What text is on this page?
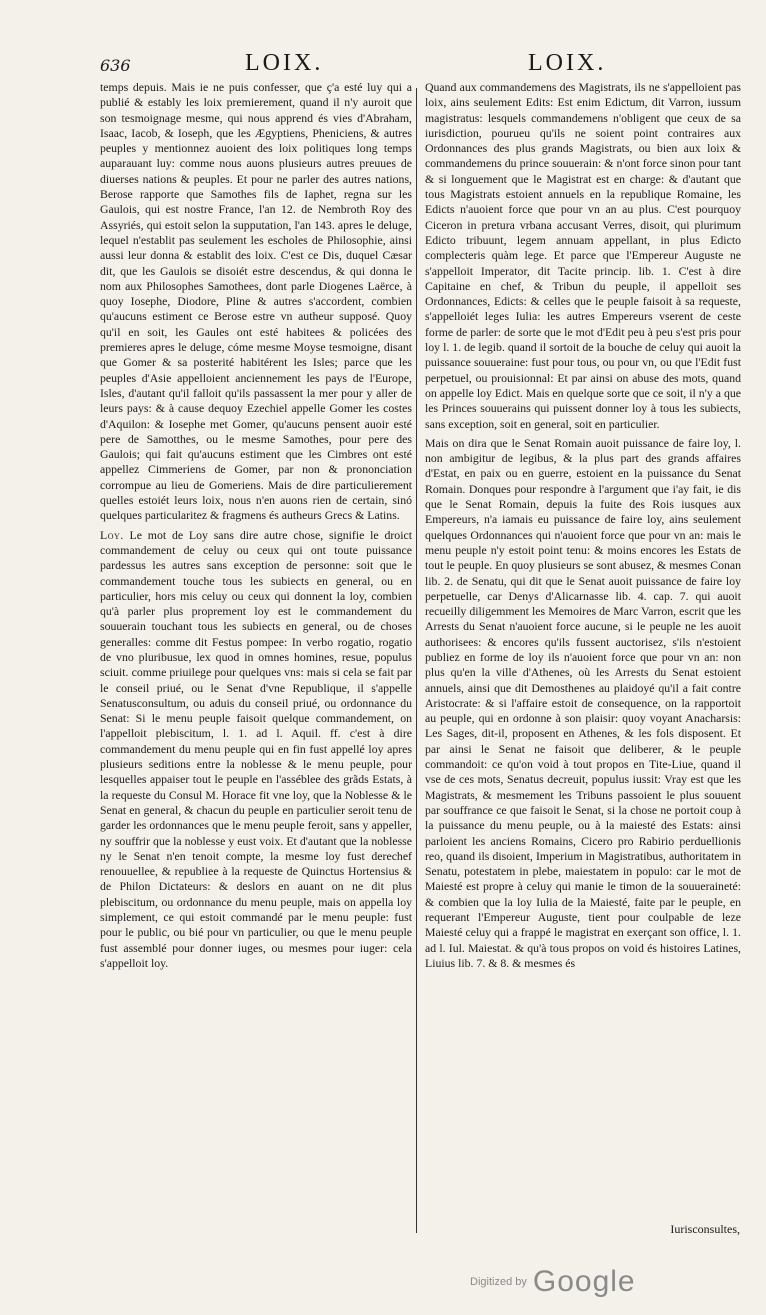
636	LOIX.	LOIX.

temps depuis. Mais ie ne puis confesser, que ç'a esté luy qui a publié & estably les loix premierement, quand il n'y auroit que son tesmoignage mesme, qui nous apprend és vies d'Abraham, Isaac, Iacob, & Ioseph, que les Ægyptiens, Pheniciens, & autres peuples y mentionnez auoient des loix politiques long temps auparauant luy: comme nous auons plusieurs autres preuues de diuerses nations & peuples. Et pour ne parler des autres nations, Berose rapporte que Samothes fils de Iaphet, regna sur les Gaulois, qui est nostre France, l'an 12. de Nembroth Roy des Assyriés, qui estoit selon la supputation, l'an 143. apres le deluge, lequel n'establit pas seulement les escholes de Philosophie, ainsi aussi leur donna & establit des loix. C'est ce Dis, duquel Cæsar dit, que les Gaulois se disoiét estre descendus, & qui donna le nom aux Philosophes Samothees, dont parle Diogenes Laërce, à quoy Iosephe, Diodore, Pline & autres s'accordent, combien qu'aucuns estiment ce Berose estre vn autheur supposé. Quoy qu'il en soit, les Gaules ont esté habitees & policées des premieres apres le deluge, cóme mesme Moyse tesmoigne, disant que Gomer & sa posterité habitérent les Isles; parce que les peuples d'Asie appelloient anciennement les pays de l'Europe, Isles, d'autant qu'il falloit qu'ils passassent la mer pour y aller de leurs pays: & à cause dequoy Ezechiel appelle Gomer les costes d'Aquilon: & Iosephe met Gomer, qu'aucuns pensent auoir esté pere de Samotthes, ou le mesme Samothes, pour pere des Gaulois; qui fait qu'aucuns estiment que les Cimbres ont esté appellez Cimmeriens de Gomer, par non & prononciation corrompue au lieu de Gomeriens. Mais de dire particulierement quelles estoiét leurs loix, nous n'en auons rien de certain, sinó quelques particularitez & fragmens és autheurs Grecs & Latins.

Loy. Le mot de Loy sans dire autre chose, signifie le droict commandement de celuy ou ceux qui ont toute puissance pardessus les autres sans exception de personne: soit que le commandement touche tous les subiects en general, ou en particulier, hors mis celuy ou ceux qui donnent la loy, combien qu'à parler plus proprement loy est le commandement du souuerain touchant tous les subiects en general, ou de choses generalles: comme dit Festus pompee: In verbo rogatio, rogatio de vno pluribusue, lex quod in omnes homines, resue, populus sciuit. comme priuilege pour quelques vns: mais si cela se fait par le conseil priué, ou le Senat d'vne Republique, il s'appelle Senatusconsultum, ou aduis du conseil priué, ou ordonnance du Senat: Si le menu peuple faisoit quelque commandement, on l'appelloit plebiscitum, l. 1. ad l. Aquil. ff. c'est à dire commandement du menu peuple qui en fin fust appellé loy apres plusieurs seditions entre la noblesse & le menu peuple, pour lesquelles appaiser tout le peuple en l'asséblee des grãds Estats, à la requeste du Consul M. Horace fit vne loy, que la Noblesse & le Senat en general, & chacun du peuple en particulier seroit tenu de garder les ordonnances que le menu peuple feroit, sans y appeller, ny souffrir que la noblesse y eust voix. Et d'autant que la noblesse ny le Senat n'en tenoit compte, la mesme loy fust derechef renouuellee, & republiee à la requeste de Quinctus Hortensius & de Philon Dictateurs: & deslors en auant on ne dit plus plebiscitum, ou ordonnance du menu peuple, mais on appella loy simplement, ce qui estoit commandé par le menu peuple: fust pour le public, ou bié pour vn particulier, ou que le menu peuple fust assemblé pour donner iuges, ou mesmes pour iuger: cela s'appelloit loy.

Quand aux commandemens des Magistrats, ils ne s'appelloient pas loix, ains seulement Edits: Est enim Edictum, dit Varron, iussum magistratus: lesquels commandemens n'obligent que ceux de sa iurisdiction, pourueu qu'ils ne soient point contraires aux Ordonnances des plus grands Magistrats, ou bien aux loix & commandemens du prince souuerain: & n'ont force sinon pour tant & si longuement que le Magistrat est en charge: & d'autant que tous Magistrats estoient annuels en la republique Romaine, les Edicts n'auoient force que pour vn an au plus. C'est pourquoy Ciceron in pretura vrbana accusant Verres, disoit, qui plurimum Edicto tribuunt, legem annuam appellant, in plus Edicto complecteris quàm lege. Et parce que l'Empereur Auguste ne s'appelloit Imperator, dit Tacite princip. lib. 1. C'est à dire Capitaine en chef, & Tribun du peuple, il appelloit ses Ordonnances, Edicts: & celles que le peuple faisoit à sa requeste, s'appelloiét leges Iulia: les autres Empereurs vserent de ceste forme de parler: de sorte que le mot d'Edit peu à peu s'est pris pour loy l. 1. de legib. quand il sortoit de la bouche de celuy qui auoit la puissance souueraine: fust pour tous, ou pour vn, ou que l'Edit fust perpetuel, ou prouisionnal: Et par ainsi on abuse des mots, quand on appelle loy Edict. Mais en quelque sorte que ce soit, il n'y a que les Princes souuerains qui puissent donner loy à tous les subiects, sans exception, soit en general, soit en particulier.

Mais on dira que le Senat Romain auoit puissance de faire loy, l. non ambigitur de legibus, & la plus part des grands affaires d'Estat, en paix ou en guerre, estoient en la puissance du Senat Romain. Donques pour respondre à l'argument que i'ay fait, ie dis que le Senat Romain, depuis la fuite des Rois iusques aux Empereurs, n'a iamais eu puissance de faire loy, ains seulement quelques Ordonnances qui n'auoient force que pour vn an: mais le menu peuple n'y estoit point tenu: & moins encores les Estats de tout le peuple. En quoy plusieurs se sont abusez, & mesmes Conan lib. 2. de Senatu, qui dit que le Senat auoit puissance de faire loy perpetuelle, car Denys d'Alicarnasse lib. 4. cap. 7. qui auoit recueilly diligemment les Memoires de Marc Varron, escrit que les Arrests du Senat n'auoient force aucune, si le peuple ne les auoit authorisees: & encores qu'ils fussent auctorisez, s'ils n'estoient publiez en forme de loy ils n'auoient force que pour vn an: non plus qu'en la ville d'Athenes, où les Arrests du Senat estoient annuels, ainsi que dit Demosthenes au plaidoyé qu'il a fait contre Aristocrate: & si l'affaire estoit de consequence, on la rapportoit au peuple, qui en ordonne à son plaisir: quoy voyant Anacharsis: Les Sages, dit-il, proposent en Athenes, & les fols disposent. Et par ainsi le Senat ne faisoit que deliberer, & le peuple commandoit: ce qu'on void à tout propos en Tite-Liue, quand il vse de ces mots, Senatus decreuit, populus iussit: Vray est que les Magistrats, & mesmement les Tribuns passoient le plus souuent par souffrance ce que faisoit le Senat, si la chose ne portoit coup à la puissance du menu peuple, ou à la maiesté des Estats: ainsi parloient les anciens Romains, Cicero pro Rabirio perduellionis reo, quand ils disoient, Imperium in Magistratibus, authoritatem in Senatu, potestatem in plebe, maiestatem in populo: car le mot de Maiesté est propre à celuy qui manie le timon de la souueraineté: & combien que la loy Iulia de la Maiesté, faite par le peuple, en requerant l'Empereur Auguste, tient pour coulpable de leze Maiesté celuy qui a frappé le magistrat en exerçant son office, l. 1. ad l. Iul. Maiestat. & qu'à tous propos on void és histoires Latines, Liuius lib. 7. & 8. & mesmes és

Iurisconsultes,
$^{Digitized by}$ Google
